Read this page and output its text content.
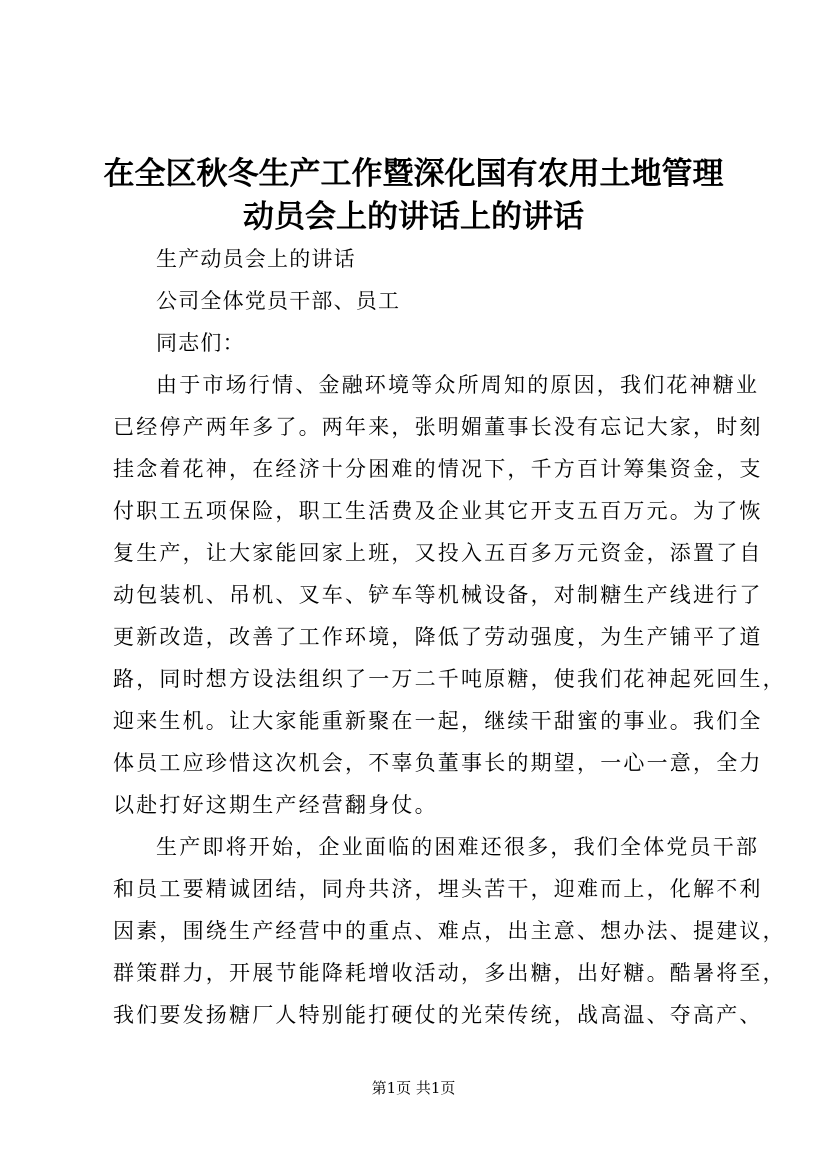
在全区秋冬生产工作暨深化国有农用土地管理
动员会上的讲话上的讲话
生产动员会上的讲话
公司全体党员干部、员工
同志们：
由于市场行情、金融环境等众所周知的原因，我们花神糖业
已经停产两年多了。两年来，张明媚董事长没有忘记大家，时刻
挂念着花神，在经济十分困难的情况下，千方百计筹集资金，支
付职工五项保险，职工生活费及企业其它开支五百万元。为了恢
复生产，让大家能回家上班，又投入五百多万元资金，添置了自
动包装机、吊机、叉车、铲车等机械设备，对制糖生产线进行了
更新改造，改善了工作环境，降低了劳动强度，为生产铺平了道
路，同时想方设法组织了一万二千吨原糖，使我们花神起死回生，
迎来生机。让大家能重新聚在一起，继续干甜蜜的事业。我们全
体员工应珍惜这次机会，不辜负董事长的期望，一心一意，全力
以赴打好这期生产经营翻身仗。
生产即将开始，企业面临的困难还很多，我们全体党员干部
和员工要精诚团结，同舟共济，埋头苦干，迎难而上，化解不利
因素，围绕生产经营中的重点、难点，出主意、想办法、提建议，
群策群力，开展节能降耗增收活动，多出糖，出好糖。酷暑将至，
我们要发扬糖厂人特别能打硬仗的光荣传统，战高温、夺高产、
第1页 共1页
